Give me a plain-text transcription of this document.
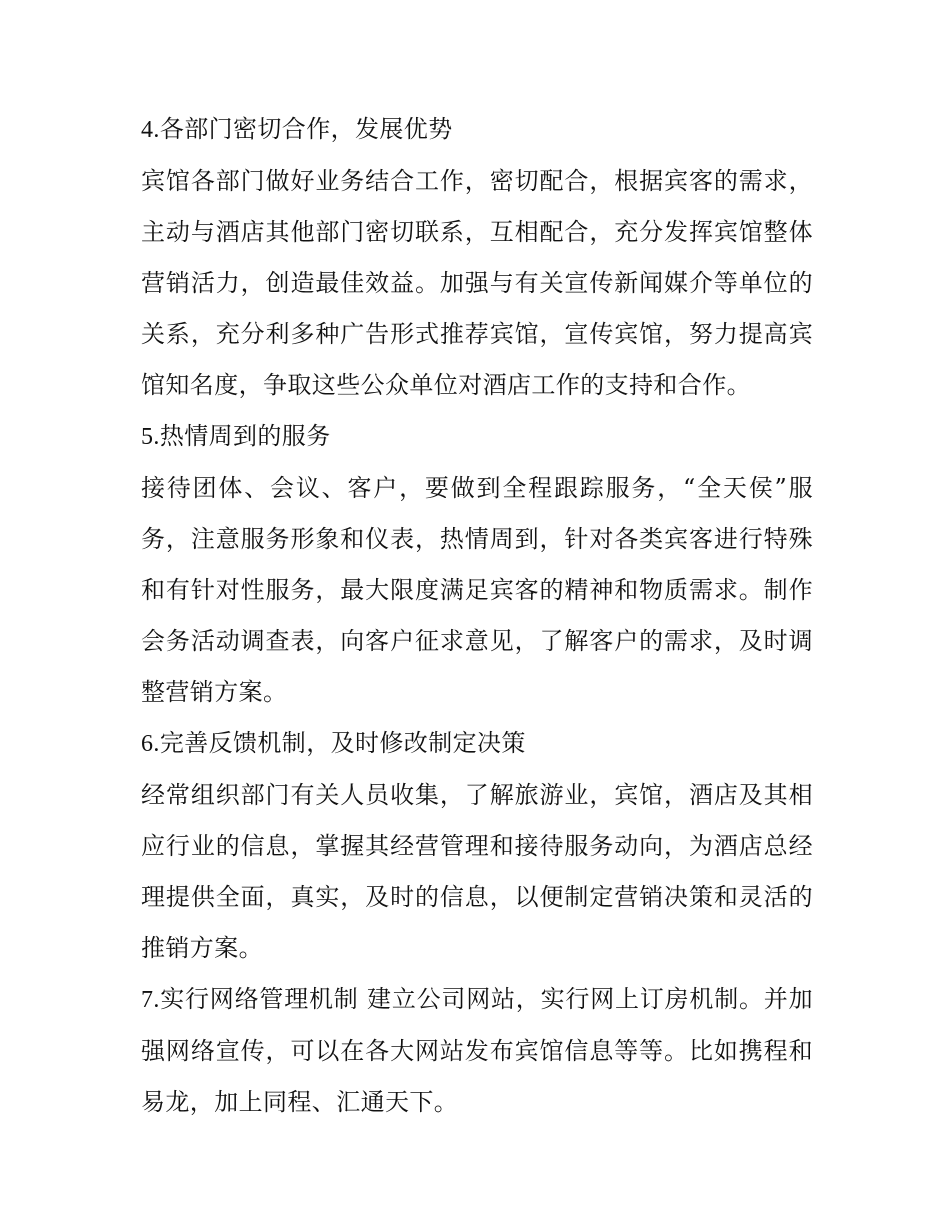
4.各部门密切合作，发展优势

宾馆各部门做好业务结合工作，密切配合，根据宾客的需求，主动与酒店其他部门密切联系，互相配合，充分发挥宾馆整体营销活力，创造最佳效益。加强与有关宣传新闻媒介等单位的关系，充分利多种广告形式推荐宾馆，宣传宾馆，努力提高宾馆知名度，争取这些公众单位对酒店工作的支持和合作。

5.热情周到的服务

接待团体、会议、客户，要做到全程跟踪服务，“全天侯”服务，注意服务形象和仪表，热情周到，针对各类宾客进行特殊和有针对性服务，最大限度满足宾客的精神和物质需求。制作会务活动调查表，向客户征求意见，了解客户的需求，及时调整营销方案。

6.完善反馈机制，及时修改制定决策

经常组织部门有关人员收集，了解旅游业，宾馆，酒店及其相应行业的信息，掌握其经营管理和接待服务动向，为酒店总经理提供全面，真实，及时的信息，以便制定营销决策和灵活的推销方案。

7.实行网络管理机制 建立公司网站，实行网上订房机制。并加强网络宣传，可以在各大网站发布宾馆信息等等。比如携程和易龙，加上同程、汇通天下。
